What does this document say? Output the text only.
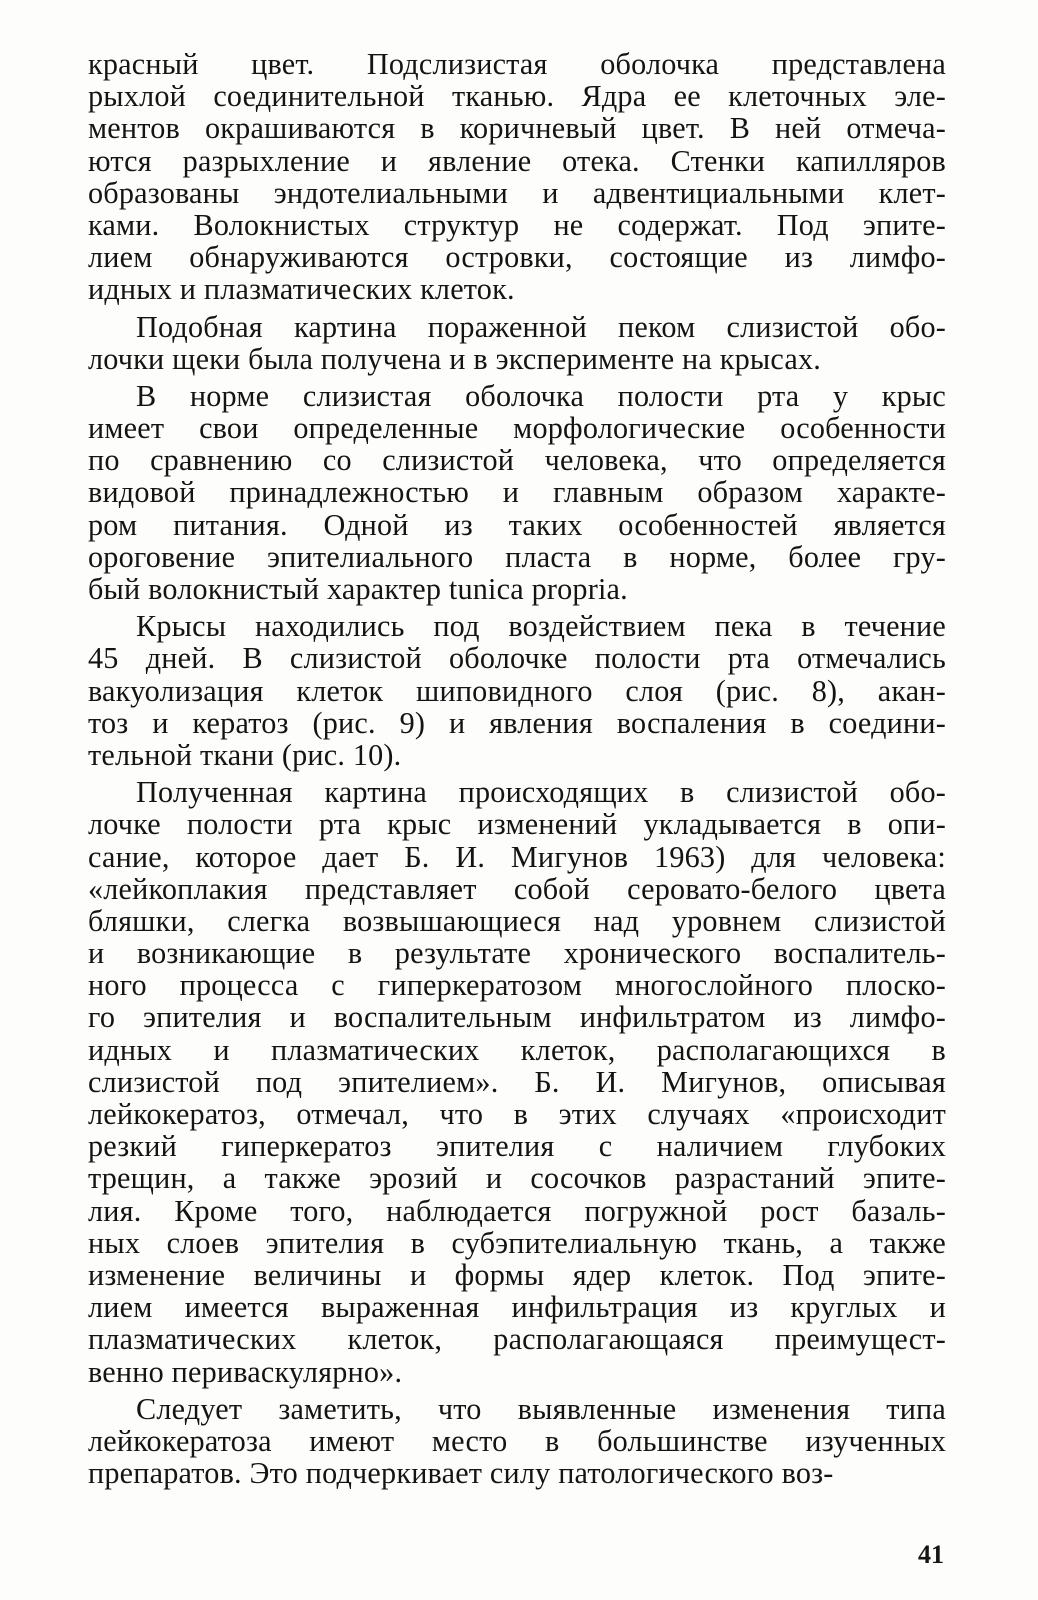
красный цвет. Подслизистая оболочка представлена
рыхлой соединительной тканью. Ядра ее клеточных эле-
ментов окрашиваются в коричневый цвет. В ней отмеча-
ются разрыхление и явление отека. Стенки капилляров
образованы эндотелиальными и адвентициальными клет-
ками. Волокнистых структур не содержат. Под эпите-
лием обнаруживаются островки, состоящие из лимфо-
идных и плазматических клеток.
Подобная картина пораженной пеком слизистой обо-
лочки щеки была получена и в эксперименте на крысах.
В норме слизистая оболочка полости рта у крыс
имеет свои определенные морфологические особенности
по сравнению со слизистой человека, что определяется
видовой принадлежностью и главным образом характе-
ром питания. Одной из таких особенностей является
ороговение эпителиального пласта в норме, более гру-
бый волокнистый характер tunica propria.
Крысы находились под воздействием пека в течение
45 дней. В слизистой оболочке полости рта отмечались
вакуолизация клеток шиповидного слоя (рис. 8), акан-
тоз и кератоз (рис. 9) и явления воспаления в соедини-
тельной ткани (рис. 10).
Полученная картина происходящих в слизистой обо-
лочке полости рта крыс изменений укладывается в опи-
сание, которое дает Б. И. Мигунов 1963) для человека:
«лейкоплакия представляет собой серовато-белого цвета
бляшки, слегка возвышающиеся над уровнем слизистой
и возникающие в результате хронического воспалитель-
ного процесса с гиперкератозом многослойного плоско-
го эпителия и воспалительным инфильтратом из лимфо-
идных и плазматических клеток, располагающихся в
слизистой под эпителием». Б. И. Мигунов, описывая
лейкокератоз, отмечал, что в этих случаях «происходит
резкий гиперкератоз эпителия с наличием глубоких
трещин, а также эрозий и сосочков разрастаний эпите-
лия. Кроме того, наблюдается погружной рост базаль-
ных слоев эпителия в субэпителиальную ткань, а также
изменение величины и формы ядер клеток. Под эпите-
лием имеется выраженная инфильтрация из круглых и
плазматических клеток, располагающаяся преимущест-
венно периваскулярно».
Следует заметить, что выявленные изменения типа
лейкокератоза имеют место в большинстве изученных
препаратов. Это подчеркивает силу патологического воз-
41
